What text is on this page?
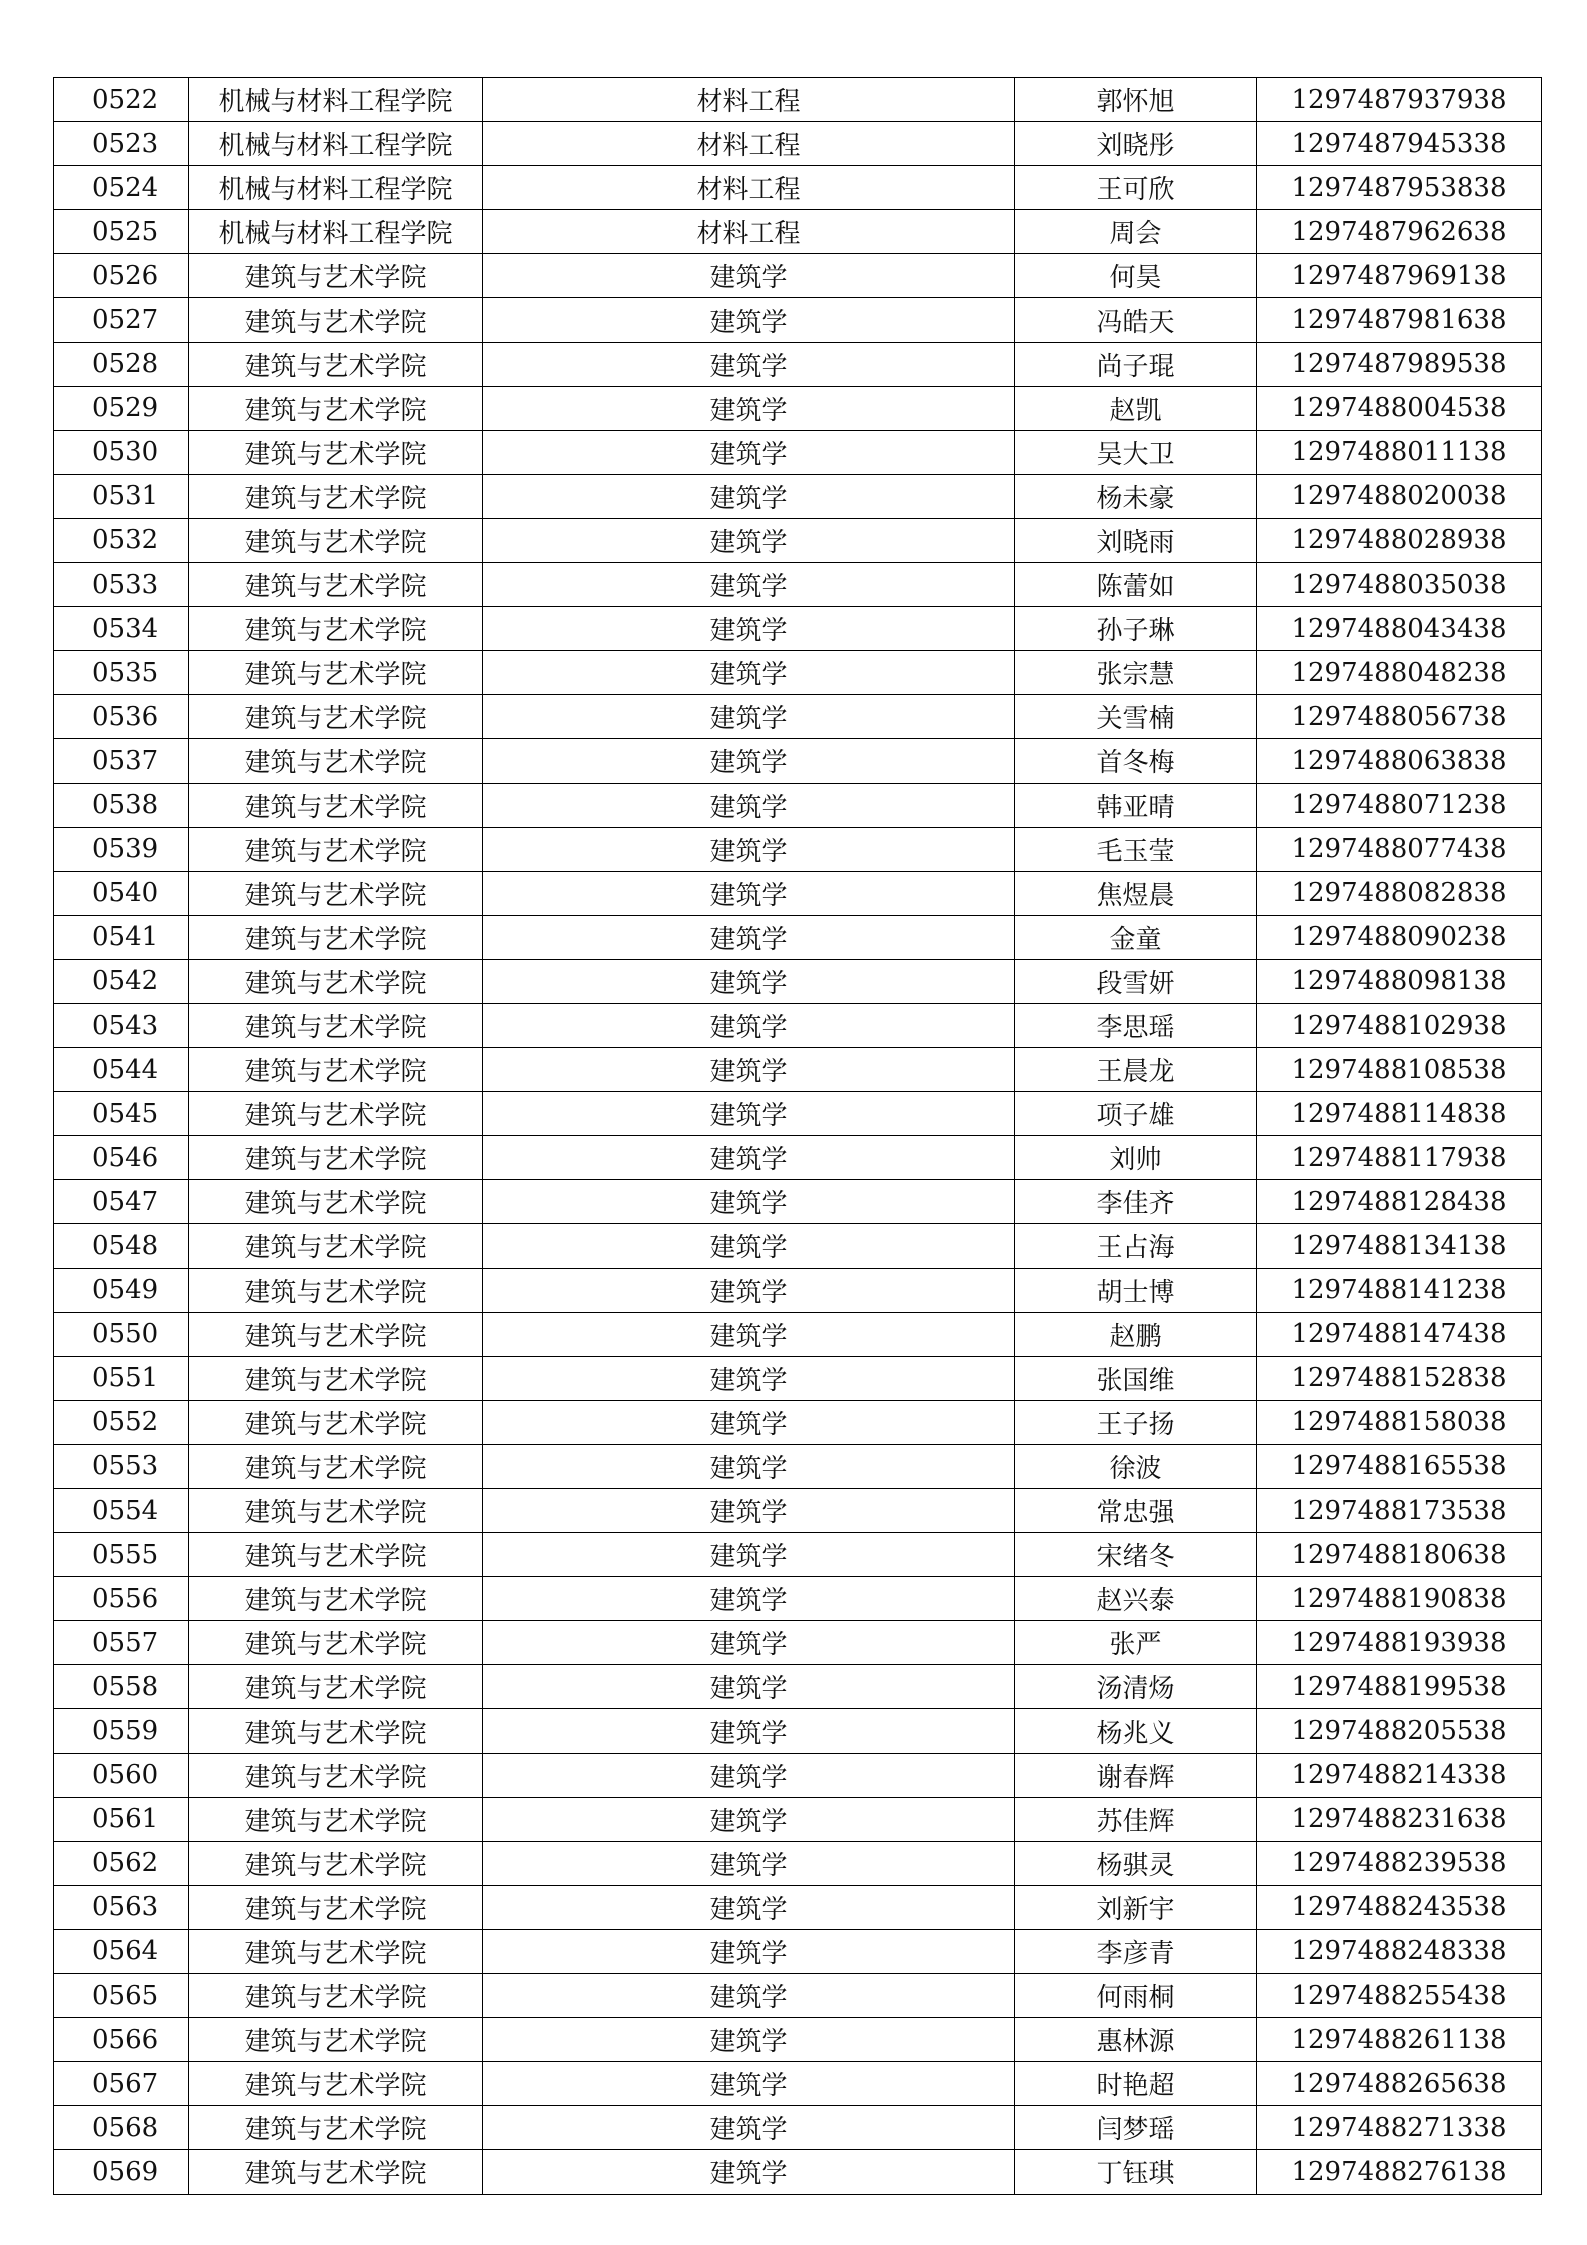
0522	机械与材料工程学院	材料工程	郭怀旭	1297487937938
0523	机械与材料工程学院	材料工程	刘晓彤	1297487945338
0524	机械与材料工程学院	材料工程	王可欣	1297487953838
0525	机械与材料工程学院	材料工程	周会	1297487962638
0526	建筑与艺术学院	建筑学	何昊	1297487969138
0527	建筑与艺术学院	建筑学	冯皓天	1297487981638
0528	建筑与艺术学院	建筑学	尚子琨	1297487989538
0529	建筑与艺术学院	建筑学	赵凯	1297488004538
0530	建筑与艺术学院	建筑学	吴大卫	1297488011138
0531	建筑与艺术学院	建筑学	杨未豪	1297488020038
0532	建筑与艺术学院	建筑学	刘晓雨	1297488028938
0533	建筑与艺术学院	建筑学	陈蕾如	1297488035038
0534	建筑与艺术学院	建筑学	孙子琳	1297488043438
0535	建筑与艺术学院	建筑学	张宗慧	1297488048238
0536	建筑与艺术学院	建筑学	关雪楠	1297488056738
0537	建筑与艺术学院	建筑学	首冬梅	1297488063838
0538	建筑与艺术学院	建筑学	韩亚晴	1297488071238
0539	建筑与艺术学院	建筑学	毛玉莹	1297488077438
0540	建筑与艺术学院	建筑学	焦煜晨	1297488082838
0541	建筑与艺术学院	建筑学	金童	1297488090238
0542	建筑与艺术学院	建筑学	段雪妍	1297488098138
0543	建筑与艺术学院	建筑学	李思瑶	1297488102938
0544	建筑与艺术学院	建筑学	王晨龙	1297488108538
0545	建筑与艺术学院	建筑学	项子雄	1297488114838
0546	建筑与艺术学院	建筑学	刘帅	1297488117938
0547	建筑与艺术学院	建筑学	李佳齐	1297488128438
0548	建筑与艺术学院	建筑学	王占海	1297488134138
0549	建筑与艺术学院	建筑学	胡士博	1297488141238
0550	建筑与艺术学院	建筑学	赵鹏	1297488147438
0551	建筑与艺术学院	建筑学	张国维	1297488152838
0552	建筑与艺术学院	建筑学	王子扬	1297488158038
0553	建筑与艺术学院	建筑学	徐波	1297488165538
0554	建筑与艺术学院	建筑学	常忠强	1297488173538
0555	建筑与艺术学院	建筑学	宋绪冬	1297488180638
0556	建筑与艺术学院	建筑学	赵兴泰	1297488190838
0557	建筑与艺术学院	建筑学	张严	1297488193938
0558	建筑与艺术学院	建筑学	汤清炀	1297488199538
0559	建筑与艺术学院	建筑学	杨兆义	1297488205538
0560	建筑与艺术学院	建筑学	谢春辉	1297488214338
0561	建筑与艺术学院	建筑学	苏佳辉	1297488231638
0562	建筑与艺术学院	建筑学	杨骐灵	1297488239538
0563	建筑与艺术学院	建筑学	刘新宇	1297488243538
0564	建筑与艺术学院	建筑学	李彦青	1297488248338
0565	建筑与艺术学院	建筑学	何雨桐	1297488255438
0566	建筑与艺术学院	建筑学	惠林源	1297488261138
0567	建筑与艺术学院	建筑学	时艳超	1297488265638
0568	建筑与艺术学院	建筑学	闫梦瑶	1297488271338
0569	建筑与艺术学院	建筑学	丁钰琪	1297488276138
